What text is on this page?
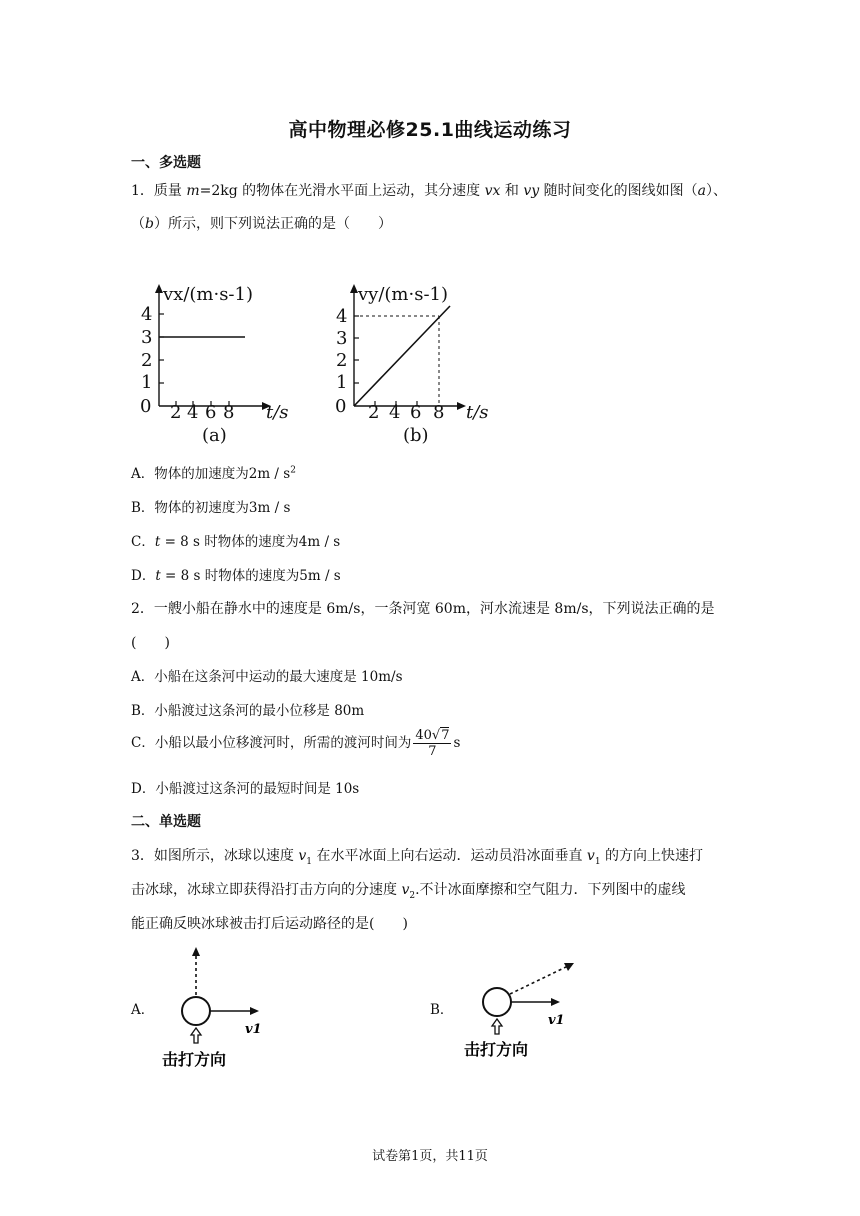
高中物理必修25.1曲线运动练习
一、多选题
1．质量 m=2kg 的物体在光滑水平面上运动，其分速度 vx 和 vy 随时间变化的图线如图（a）、
（b）所示，则下列说法正确的是（　　）
4
3
2
1
0 2 4 6 8
vx/(m·s-1)
t/s
(a)
4
3
2
1
0 2 4 6 8
vy/(m·s-1)
t/s
(b)
A．物体的加速度为$2m / s^2$
B．物体的初速度为3m / s
C．t = 8 s 时物体的速度为4m / s
D．t = 8 s 时物体的速度为5m / s
2．一艘小船在静水中的速度是 6m/s，一条河宽 60m，河水流速是 8m/s，下列说法正确的是
(　　)
A．小船在这条河中运动的最大速度是 10m/s
B．小船渡过这条河的最小位移是 80m
C．小船以最小位移渡河时，所需的渡河时间为 $\frac{40√7}{7}$ s
D．小船渡过这条河的最短时间是 10s
二、单选题
3．如图所示，冰球以速度 $v_1$ 在水平冰面上向右运动．运动员沿冰面垂直 $v_1$ 的方向上快速打
击冰球，冰球立即获得沿打击方向的分速度 $v_2$.不计冰面摩擦和空气阻力．下列图中的虚线
能正确反映冰球被击打后运动路径的是(　　)
A．
v1
击打方向
B．
v1
击打方向
试卷第1页，共11页
